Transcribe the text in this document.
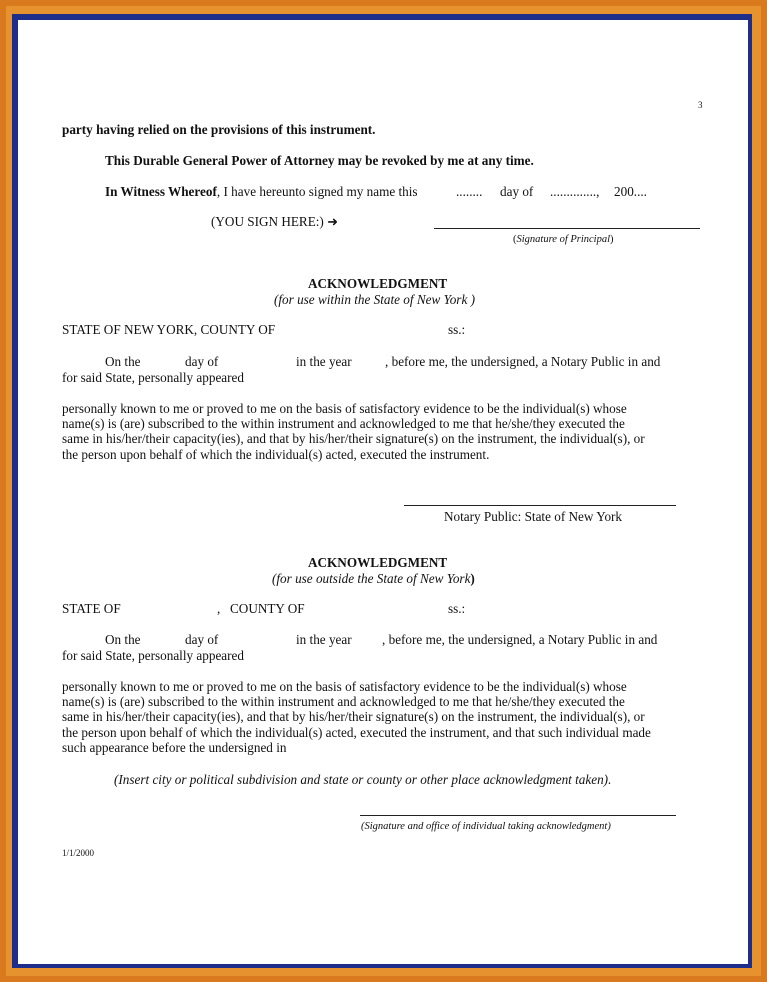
3
party having relied on the provisions of this instrument.
This Durable General Power of Attorney may be revoked by me at any time.
In Witness Whereof, I have hereunto signed my name this	........ day of .............., 200....
(YOU SIGN HERE:) ➜
(Signature of Principal)
ACKNOWLEDGMENT
(for use within the State of New York )
STATE OF NEW YORK, COUNTY OF	ss.:
On the	day of	in the year	, before me, the undersigned, a Notary Public in and
for said State, personally appeared
personally known to me or proved to me on the basis of satisfactory evidence to be the individual(s) whose
name(s) is (are) subscribed to the within instrument and acknowledged to me that he/she/they executed the
same in his/her/their capacity(ies), and that by his/her/their signature(s) on the instrument, the individual(s), or
the person upon behalf of which the individual(s) acted, executed the instrument.
Notary Public: State of New York
ACKNOWLEDGMENT
(for use outside the State of New York)
STATE OF	, COUNTY OF	ss.:
On the	day of	in the year , before me, the undersigned, a Notary Public in and
for said State, personally appeared
personally known to me or proved to me on the basis of satisfactory evidence to be the individual(s) whose
name(s) is (are) subscribed to the within instrument and acknowledged to me that he/she/they executed the
same in his/her/their capacity(ies), and that by his/her/their signature(s) on the instrument, the individual(s), or
the person upon behalf of which the individual(s) acted, executed the instrument, and that such individual made
such appearance before the undersigned in
(Insert city or political subdivision and state or county or other place acknowledgment taken).
(Signature and office of individual taking acknowledgment)
1/1/2000
